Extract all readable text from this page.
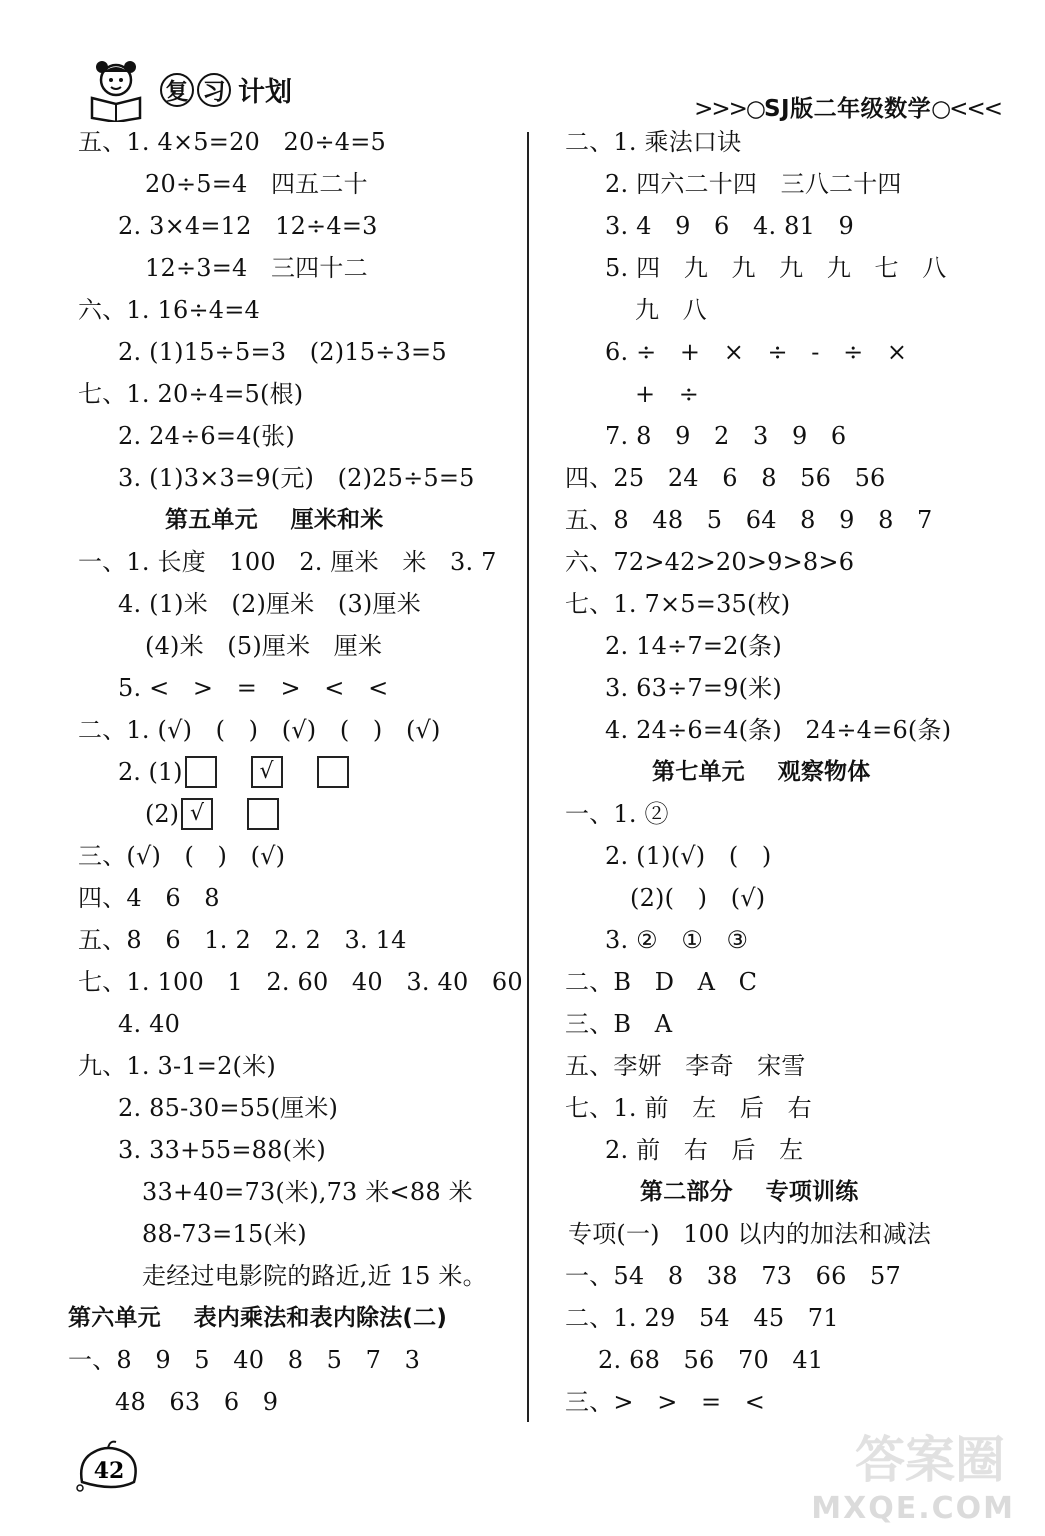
复 习 计划
>>>○SJ版二年级数学○<<<
2. (1)	√
(2) √
五、1. 4×5=20   20÷4=5
20÷5=4   四五二十
2. 3×4=12   12÷4=3
12÷3=4   三四十二
六、1. 16÷4=4
2. (1)15÷5=3   (2)15÷3=5
七、1. 20÷4=5(根)
2. 24÷6=4(张)
3. (1)3×3=9(元)   (2)25÷5=5
第五单元    厘米和米
一、1. 长度   100   2. 厘米   米   3. 7
4. (1)米   (2)厘米   (3)厘米
(4)米   (5)厘米   厘米
5. <   >   =   >   <   <
二、1. (√)   (   )   (√)   (   )   (√)
三、(√)   (   )   (√)
四、4   6   8
五、8   6   1. 2   2. 2   3. 14
七、1. 100   1   2. 60   40   3. 40   60
4. 40
九、1. 3-1=2(米)
2. 85-30=55(厘米)
3. 33+55=88(米)
33+40=73(米),73 米<88 米
88-73=15(米)
走经过电影院的路近,近 15 米。
第六单元    表内乘法和表内除法(二)
一、8   9   5   40   8   5   7   3
48   63   6   9
二、1. 乘法口诀
2. 四六二十四   三八二十四
3. 4   9   6   4. 81   9
5. 四   九   九   九   九   七   八
九   八
6. ÷   +   ×   ÷   -   ÷   ×
+   ÷
7. 8   9   2   3   9   6
四、25   24   6   8   56   56
五、8   48   5   64   8   9   8   7
六、72>42>20>9>8>6
七、1. 7×5=35(枚)
2. 14÷7=2(条)
3. 63÷7=9(米)
4. 24÷6=4(条)   24÷4=6(条)
第七单元    观察物体
一、1. ②
2. (1)(√)   (   )
(2)(   )   (√)
3. ②   ①   ③
二、B   D   A   C
三、B   A
五、李妍   李奇   宋雪
七、1. 前   左   后   右
2. 前   右   后   左
第二部分    专项训练
专项(一)   100 以内的加法和减法
一、54   8   38   73   66   57
二、1. 29   54   45   71
2. 68   56   70   41
三、>   >   =   <
42	答案圈
MXQE.COM
